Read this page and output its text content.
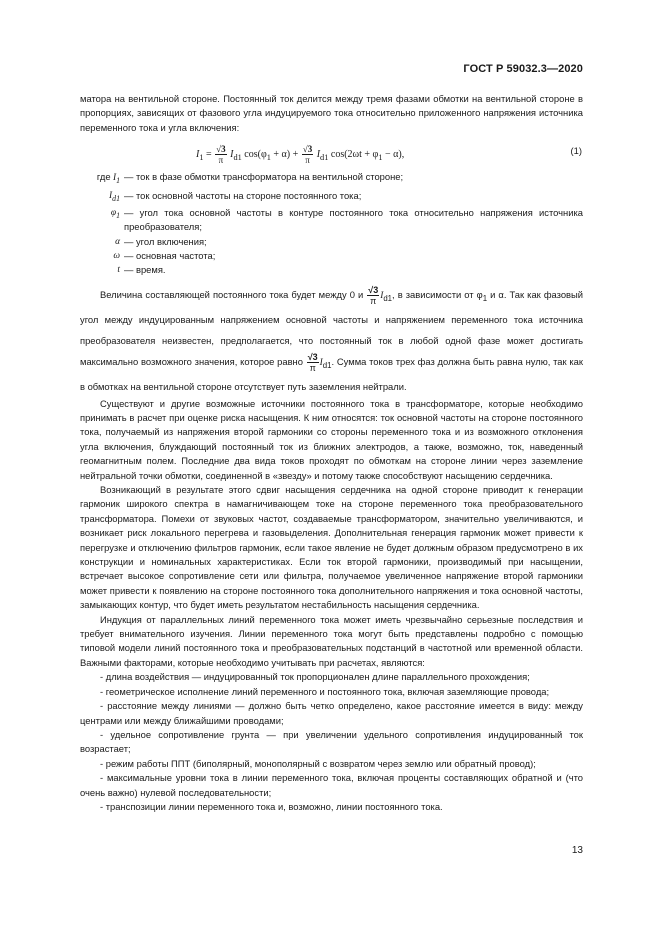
ГОСТ Р 59032.3—2020

матора на вентильной стороне. Постоянный ток делится между тремя фазами обмотки на вентильной стороне в пропорциях, зависящих от фазового угла индуцируемого тока относительно приложенного напряжения источника переменного тока и угла включения:

$I_1 = \frac{√3}{\pi} I_{d1}$ $\cos(\varphi_1 + \alpha) + \frac{√3}{\pi} I_{d1}$ $\cos(2\omega t + \varphi_1 - \alpha)$,	(1)
где $I_1$ — ток в фазе обмотки трансформатора на вентильной стороне;
$I_{d1}$ — ток основной частоты на стороне постоянного тока;
$\varphi_1$ — угол тока основной частоты в контуре постоянного тока относительно напряжения источника преобразователя;
α — угол включения;
ω — основная частота;
t — время.

Величина составляющей постоянного тока будет между 0 и $\frac{√3}{\pi} I_{d1}$, в зависимости от $\varphi_1$ и α. Так как фазовый угол между индуцированным напряжением основной частоты и напряжением переменного тока источника преобразователя неизвестен, предполагается, что постоянный ток в любой одной фазе может достигать максимально возможного значения, которое равно $\frac{√3}{\pi} I_{d1}$. Сумма токов трех фаз должна быть равна нулю, так как в обмотках на вентильной стороне отсутствует путь заземления нейтрали.

Существуют и другие возможные источники постоянного тока в трансформаторе, которые необходимо принимать в расчет при оценке риска насыщения. К ним относятся: ток основной частоты на стороне постоянного тока, получаемый из напряжения второй гармоники со стороны переменного тока и из возможного отклонения угла включения, блуждающий постоянный ток из ближних электродов, а также, возможно, ток, наведенный геомагнитным полем. Последние два вида токов проходят по обмоткам на стороне линии через заземление нейтральной точки обмотки, соединенной в «звезду» и потому также способствуют насыщению сердечника.

Возникающий в результате этого сдвиг насыщения сердечника на одной стороне приводит к генерации гармоник широкого спектра в намагничивающем токе на стороне переменного тока преобразовательного трансформатора. Помехи от звуковых частот, создаваемые трансформатором, значительно увеличиваются, и возникает риск локального перегрева и газовыделения. Дополнительная генерация гармоник может привести к перегрузке и отключению фильтров гармоник, если такое явление не будет должным образом предусмотрено в их конструкции и номинальных характеристиках. Если ток второй гармоники, производимый при насыщении, встречает высокое сопротивление сети или фильтра, получаемое увеличенное напряжение второй гармоники может привести к появлению на стороне постоянного тока дополнительного напряжения и тока основной частоты, замыкающих контур, что будет иметь результатом нестабильность насыщения сердечника.

Индукция от параллельных линий переменного тока может иметь чрезвычайно серьезные последствия и требует внимательного изучения. Линии переменного тока могут быть представлены подробно с помощью типовой модели линий постоянного тока и преобразовательных подстанций в частотной или временной области. Важными факторами, которые необходимо учитывать при расчетах, являются:

- длина воздействия — индуцированный ток пропорционален длине параллельного прохождения;

- геометрическое исполнение линий переменного и постоянного тока, включая заземляющие провода;

- расстояние между линиями — должно быть четко определено, какое расстояние имеется в виду: между центрами или между ближайшими проводами;

- удельное сопротивление грунта — при увеличении удельного сопротивления индуцированный ток возрастает;

- режим работы ППТ (биполярный, монополярный с возвратом через землю или обратный провод);

- максимальные уровни тока в линии переменного тока, включая проценты составляющих обратной и (что очень важно) нулевой последовательности;

- транспозиции линии переменного тока и, возможно, линии постоянного тока.

13
